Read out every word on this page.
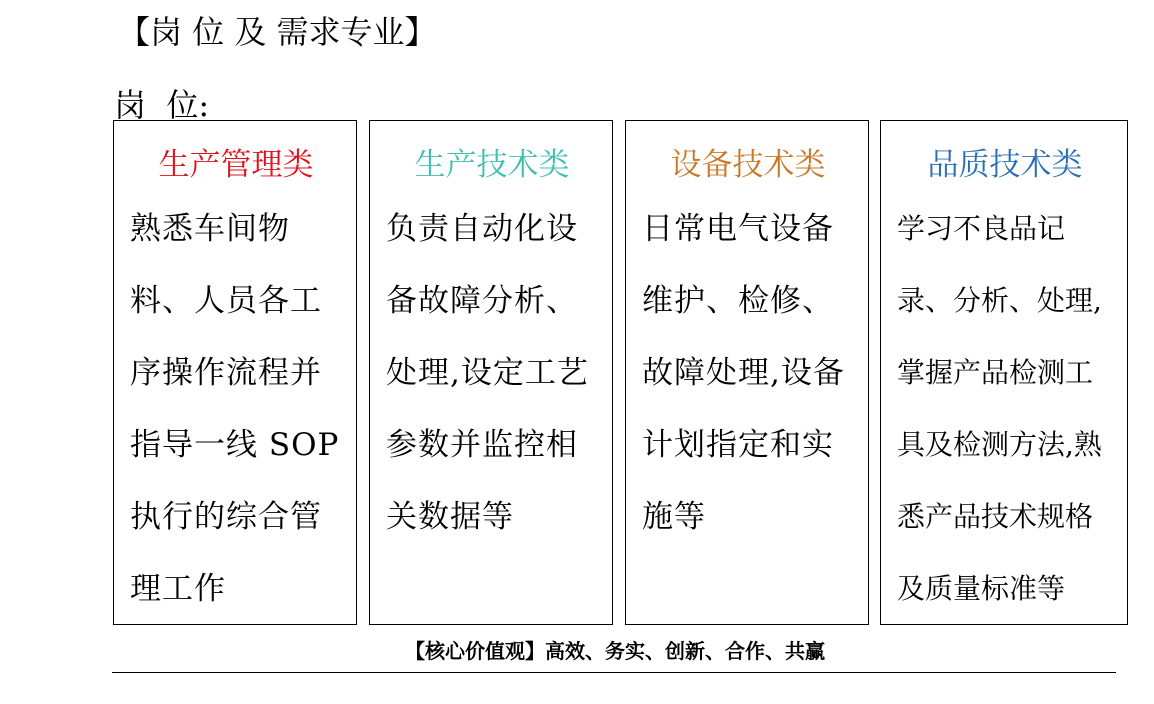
【岗 位 及 需求专业】
岗  位:
生产管理类
熟悉车间物料、人员各工序操作流程并指导一线 SOP 执行的综合管理工作
生产技术类
负责自动化设备故障分析、处理,设定工艺参数并监控相关数据等
设备技术类
日常电气设备维护、检修、故障处理,设备计划指定和实施等
品质技术类
学习不良品记录、分析、处理,掌握产品检测工具及检测方法,熟悉产品技术规格及质量标准等
【核心价值观】高效、务实、创新、合作、共赢
